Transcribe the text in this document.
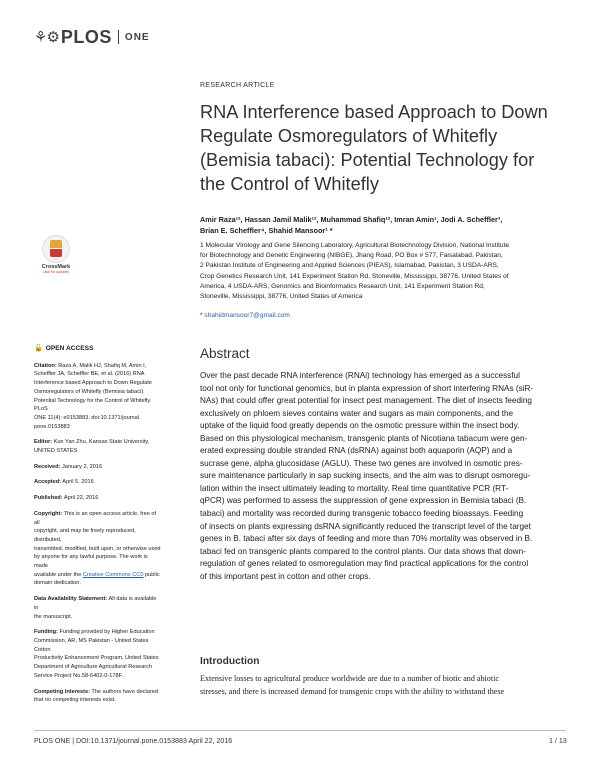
⚘⚙ PLOS ONE
RESEARCH ARTICLE
RNA Interference based Approach to Down
Regulate Osmoregulators of Whitefly
(Bemisia tabaci): Potential Technology for
the Control of Whitefly
Amir Raza¹², Hassan Jamil Malik¹², Muhammad Shafiq¹², Imran Amin¹, Jodi A. Scheffler³,
Brian E. Scheffler⁴, Shahid Mansoor¹ *
1 Molecular Virology and Gene Silencing Laboratory, Agricultural Biotechnology Division, National Institute
for Biotechnology and Genetic Engineering (NIBGE), Jhang Road, PO Box # 577, Faisalabad, Pakistan,
2 Pakistan Institute of Engineering and Applied Sciences (PIEAS), Islamabad, Pakistan, 3 USDA-ARS,
Crop Genetics Research Unit, 141 Experiment Station Rd, Stoneville, Mississippi, 38776, United States of
America, 4 USDA-ARS, Genomics and Bioinformatics Research Unit, 141 Experiment Station Rd,
Stoneville, Mississippi, 38776, United States of America
* shahidmansoor7@gmail.com
CrossMark
click for updates
🔓 OPEN ACCESS
Citation: Raza A, Malik HJ, Shafiq M, Amin I,
Scheffler JA, Scheffler BE, et al. (2016) RNA
Interference based Approach to Down Regulate
Osmoregulators of Whitefly (Bemisia tabaci):
Potential Technology for the Control of Whitefly. PLoS
ONE 11(4): e0153883. doi:10.1371/journal.
pone.0153883
Editor: Kun Yan Zhu, Kansas State University,
UNITED STATES
Received: January 2, 2016
Accepted: April 5, 2016
Published: April 22, 2016
Copyright: This is an open access article, free of all
copyright, and may be freely reproduced, distributed,
transmitted, modified, built upon, or otherwise used
by anyone for any lawful purpose. The work is made
available under the Creative Commons CC0 public
domain dedication.
Data Availability Statement: All data is available in
the manuscript.
Funding: Funding provided by Higher Education
Commission, AR, MS Pakistan - United States Cotton
Productivity Enhancement Program, United States
Department of Agriculture Agricultural Research
Service Project No.58-6402-0-178F.
Competing Interests: The authors have declared
that no competing interests exist.
Abstract
Over the past decade RNA interference (RNAi) technology has emerged as a successful
tool not only for functional genomics, but in planta expression of short interfering RNAs (siR-
NAs) that could offer great potential for insect pest management. The diet of insects feeding
exclusively on phloem sieves contains water and sugars as main components, and the
uptake of the liquid food greatly depends on the osmotic pressure within the insect body.
Based on this physiological mechanism, transgenic plants of Nicotiana tabacum were gen-
erated expressing double stranded RNA (dsRNA) against both aquaporin (AQP) and a
sucrase gene, alpha glucosidase (AGLU). These two genes are involved in osmotic pres-
sure maintenance particularly in sap sucking insects, and the aim was to disrupt osmoregu-
lation within the insect ultimately leading to mortality. Real time quantitative PCR (RT-
qPCR) was performed to assess the suppression of gene expression in Bemisia tabaci (B.
tabaci) and mortality was recorded during transgenic tobacco feeding bioassays. Feeding
of insects on plants expressing dsRNA significantly reduced the transcript level of the target
genes in B. tabaci after six days of feeding and more than 70% mortality was observed in B.
tabaci fed on transgenic plants compared to the control plants. Our data shows that down-
regulation of genes related to osmoregulation may find practical applications for the control
of this important pest in cotton and other crops.
Introduction
Extensive losses to agricultural produce worldwide are due to a number of biotic and abiotic
stresses, and there is increased demand for transgenic crops with the ability to withstand these
PLOS ONE | DOI:10.1371/journal.pone.0153883 April 22, 2016	1 / 13
